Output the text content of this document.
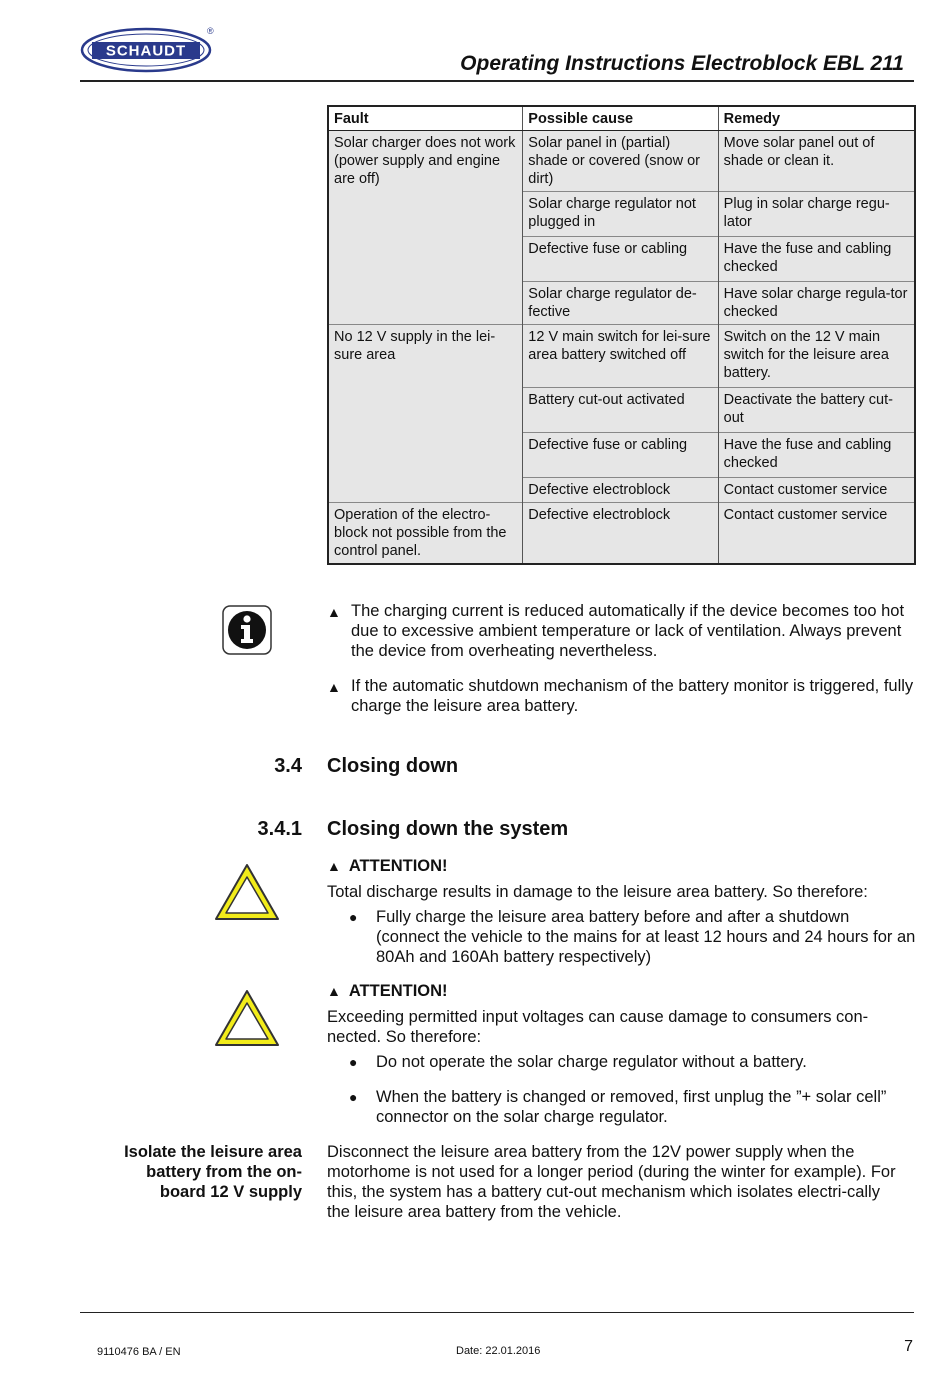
SCHAUDT
®
Operating Instructions Electroblock EBL 211
Fault	Possible cause	Remedy
Solar charger does not work (power supply and engine are off)	Solar panel in (partial) shade or covered (snow or dirt)	Move solar panel out of shade or clean it.
	Solar charge regulator not plugged in	Plug in solar charge regu-lator
	Defective fuse or cabling	Have the fuse and cabling checked
	Solar charge regulator de-fective	Have solar charge regula-tor checked
No 12 V supply in the lei-sure area	12 V main switch for lei-sure area battery switched off	Switch on the 12 V main switch for the leisure area battery.
	Battery cut-out activated	Deactivate the battery cut-out
	Defective fuse or cabling	Have the fuse and cabling checked
	Defective electroblock	Contact customer service
Operation of the electro-block not possible from the control panel.	Defective electroblock	Contact customer service
▲ The charging current is reduced automatically if the device becomes too hot due to excessive ambient temperature or lack of ventilation. Always prevent the device from overheating nevertheless.
▲ If the automatic shutdown mechanism of the battery monitor is triggered, fully charge the leisure area battery.
3.4 Closing down
3.4.1 Closing down the system
▲ ATTENTION!
Total discharge results in damage to the leisure area battery. So therefore:
● Fully charge the leisure area battery before and after a shutdown (connect the vehicle to the mains for at least 12 hours and 24 hours for an 80Ah and 160Ah battery respectively)
▲ ATTENTION!
Exceeding permitted input voltages can cause damage to consumers con-nected. So therefore:
● Do not operate the solar charge regulator without a battery.
● When the battery is changed or removed, first unplug the ”+ solar cell” connector on the solar charge regulator.
Isolate the leisure area battery from the on-board 12 V supply
Disconnect the leisure area battery from the 12V power supply when the motorhome is not used for a longer period (during the winter for example). For this, the system has a battery cut-out mechanism which isolates electri-cally the leisure area battery from the vehicle.
9110476 BA / EN	Date: 22.01.2016	7
